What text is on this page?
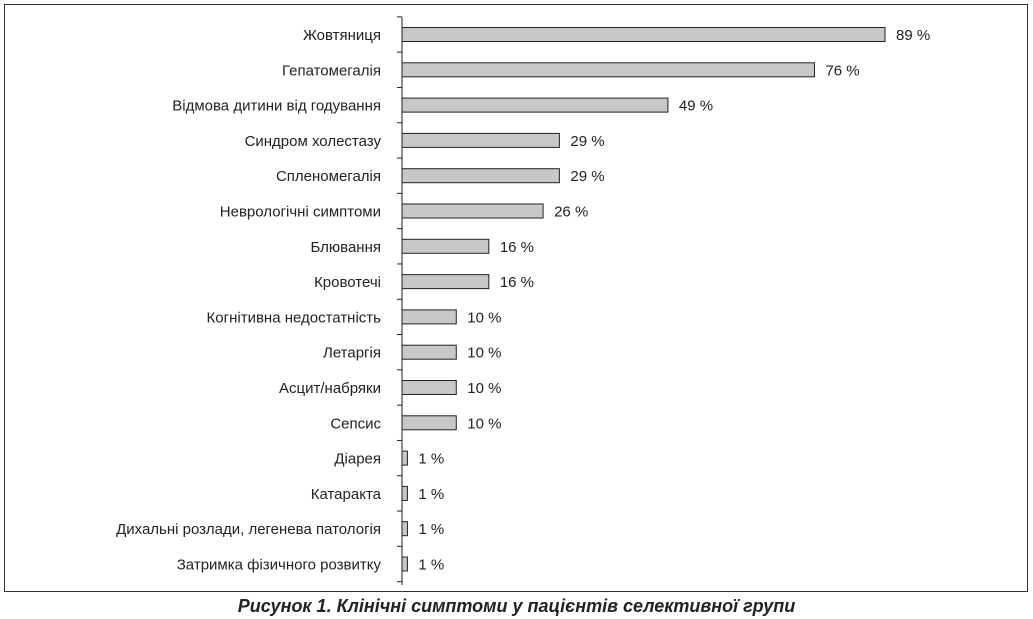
Жовтяниця	89 %
Гепатомегалія	76 %
Відмова дитини від годування	49 %
Синдром холестазу	29 %
Спленомегалія	29 %
Неврологічні симптоми	26 %
Блювання	16 %
Кровотечі	16 %
Когнітивна недостатність	10 %
Летаргія	10 %
Асцит/набряки	10 %
Сепсис	10 %
Діарея 1 %
Катаракта 1 %
Дихальні розлади, легенева патологія 1 %
Затримка фізичного розвитку 1 %
Рисунок 1. Клінічні симптоми у пацієнтів селективної групи
